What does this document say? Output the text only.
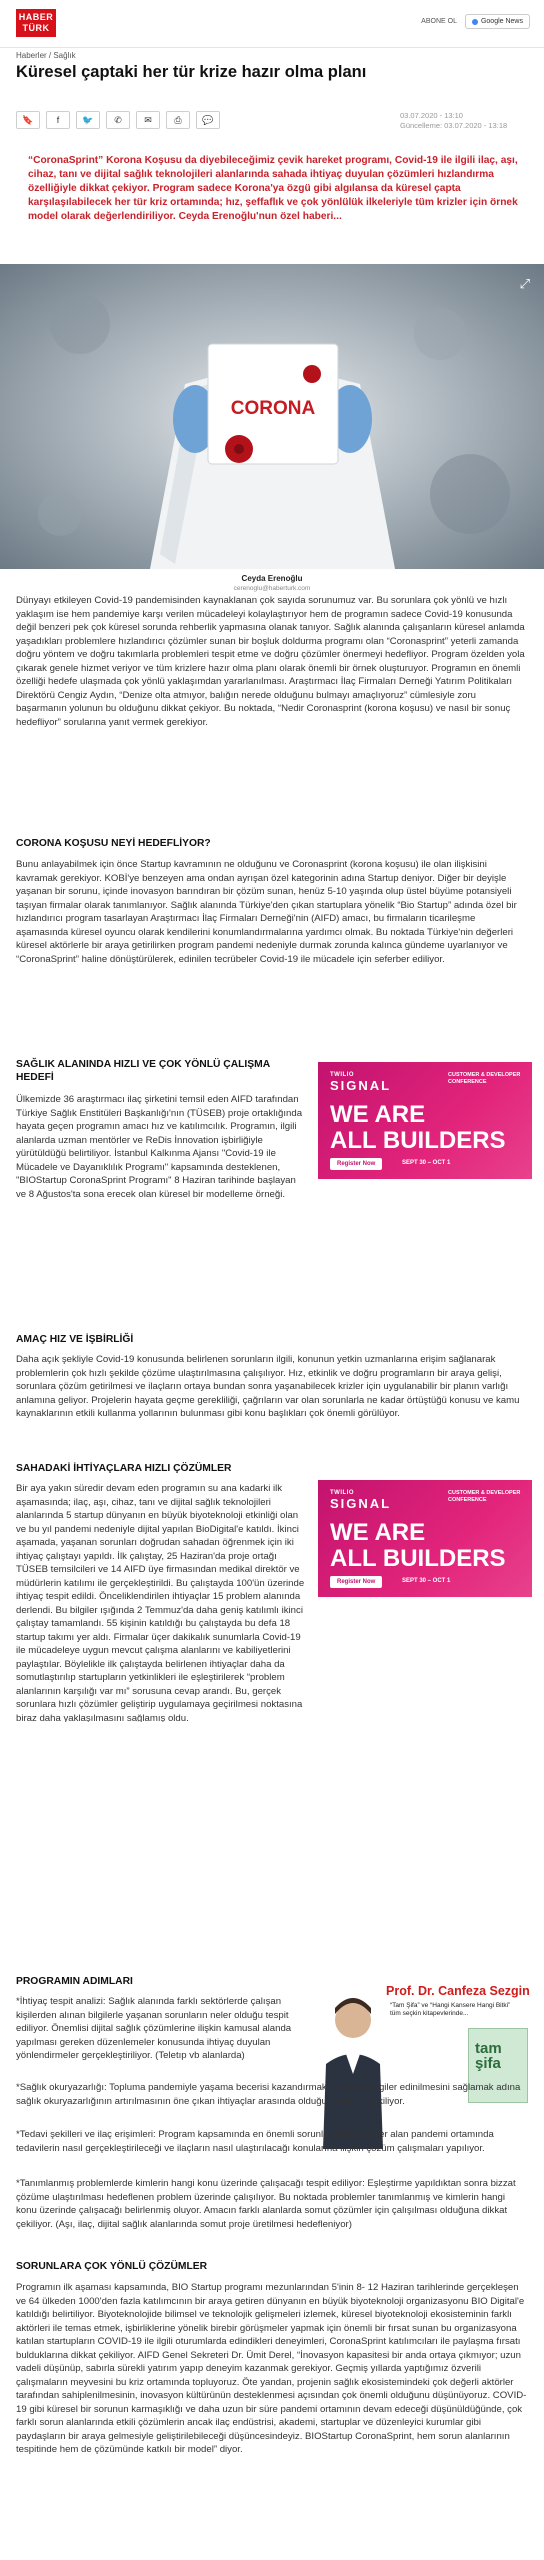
HABER
TÜRK
ABONE OL	Google News
Haberler / Sağlık
Küresel çaptaki her tür krize hazır olma planı
🔖	f	🐦	✆	✉	⎙	💬	03.07.2020 - 13:10
Güncelleme: 03.07.2020 - 13:18

“CoronaSprint” Korona Koşusu da diyebileceğimiz çevik hareket programı, Covid-19 ile ilgili ilaç, aşı, cihaz, tanı ve dijital sağlık teknolojileri alanlarında sahada ihtiyaç duyulan çözümleri hızlandırma özelliğiyle dikkat çekiyor. Program sadece Korona'ya özgü gibi algılansa da küresel çapta karşılaşılabilecek her tür kriz ortamında; hız, şeffaflık ve çok yönlülük ilkeleriyle tüm krizler için örnek model olarak değerlendiriliyor. Ceyda Erenoğlu'nun özel haberi...

CORONA
⤢
Ceyda Erenoğlu
cerenoglu@haberturk.com

Dünyayı etkileyen Covid-19 pandemisinden kaynaklanan çok sayıda sorunumuz var. Bu sorunlara çok yönlü ve hızlı yaklaşım ise hem pandemiye karşı verilen mücadeleyi kolaylaştırıyor hem de programın sadece Covid-19 konusunda değil benzeri pek çok küresel sorunda rehberlik yapmasına olanak tanıyor. Sağlık alanında çalışanların küresel anlamda yaşadıkları problemlere hızlandırıcı çözümler sunan bir boşluk doldurma programı olan “Coronasprint” yeterli zamanda doğru yöntem ve doğru takımlarla problemleri tespit etme ve doğru çözümler önermeyi hedefliyor. Program özelden yola çıkarak genele hizmet veriyor ve tüm krizlere hazır olma planı olarak önemli bir örnek oluşturuyor. Programın en önemli özelliği hedefe ulaşmada çok yönlü yaklaşımdan yararlanılması. Araştırmacı İlaç Firmaları Derneği Yatırım Politikaları Direktörü Cengiz Aydın, “Denize olta atmıyor, balığın nerede olduğunu bulmayı amaçlıyoruz” cümlesiyle zoru başarmanın yolunun bu olduğunu dikkat çekiyor. Bu noktada, “Nedir Coronasprint (korona koşusu) ve nasıl bir sonuç hedefliyor” sorularına yanıt vermek gerekiyor.

CORONA KOŞUSU NEYİ HEDEFLİYOR?

Bunu anlayabilmek için önce Startup kavramının ne olduğunu ve Coronasprint (korona koşusu) ile olan ilişkisini kavramak gerekiyor. KOBİ'ye benzeyen ama ondan ayrışan özel kategorinin adına Startup deniyor. Diğer bir deyişle yaşanan bir sorunu, içinde inovasyon barındıran bir çözüm sunan, henüz 5-10 yaşında olup üstel büyüme potansiyeli taşıyan firmalar olarak tanımlanıyor. Sağlık alanında Türkiye'den çıkan startuplara yönelik “Bio Startup” adında özel bir hızlandırıcı program tasarlayan Araştırmacı İlaç Firmaları Derneği'nin (AIFD) amacı, bu firmaların ticarileşme aşamasında küresel oyuncu olarak kendilerini konumlandırmalarına yardımcı olmak. Bu noktada Türkiye'nin değerleri küresel aktörlerle bir araya getirilirken program pandemi nedeniyle durmak zorunda kalınca gündeme uyarlanıyor ve “CoronaSprint” haline dönüştürülerek, edinilen tecrübeler Covid-19 ile mücadele için seferber ediliyor.

SAĞLIK ALANINDA HIZLI VE ÇOK YÖNLÜ ÇALIŞMA HEDEFİ

Ülkemizde 36 araştırmacı ilaç şirketini temsil eden AIFD tarafından Türkiye Sağlık Enstitüleri Başkanlığı'nın (TÜSEB) proje ortaklığında hayata geçen programın amacı hız ve katılımcılık. Programın, ilgili alanlarda uzman mentörler ve ReDis İnnovation işbirliğiyle yürütüldüğü belirtiliyor. İstanbul Kalkınma Ajansı "Covid-19 ile Mücadele ve Dayanıklılık Programı" kapsamında desteklenen, "BIOStartup CoronaSprint Programı" 8 Haziran tarihinde başlayan ve 8 Ağustos'ta sona erecek olan küresel bir modelleme örneği.

TWILIO
SIGNAL
CUSTOMER & DEVELOPER CONFERENCE
WE ARE
ALL BUILDERS
Register Now	SEPT 30 – OCT 1
AMAÇ HIZ VE İŞBİRLİĞİ

Daha açık şekliyle Covid-19 konusunda belirlenen sorunların ilgili, konunun yetkin uzmanlarına erişim sağlanarak problemlerin çok hızlı şekilde çözüme ulaştırılmasına çalışılıyor. Hız, etkinlik ve doğru programların bir araya gelişi, sorunlara çözüm getirilmesi ve ilaçların ortaya bundan sonra yaşanabilecek krizler için uygulanabilir bir planın varlığı anlamına geliyor. Projelerin hayata geçme gerekliliği, çağrıların var olan sorunlarla ne kadar örtüştüğü konusu ve kamu kaynaklarının etkili kullanma yollarının bulunması gibi konu başlıkları çok önemli görülüyor.

SAHADAKİ İHTİYAÇLARA HIZLI ÇÖZÜMLER

Bir aya yakın süredir devam eden programın su ana kadarki ilk aşamasında; ilaç, aşı, cihaz, tanı ve dijital sağlık teknolojileri alanlarında 5 startup dünyanın en büyük biyoteknoloji etkinliği olan ve bu yıl pandemi nedeniyle dijital yapılan BioDigital'e katıldı. İkinci aşamada, yaşanan sorunları doğrudan sahadan öğrenmek için iki ihtiyaç çalıştayı yapıldı. İlk çalıştay, 25 Haziran'da proje ortağı TÜSEB temsilcileri ve 14 AIFD üye firmasından medikal direktör ve müdürlerin katılımı ile gerçekleştirildi. Bu çalıştayda 100'ün üzerinde ihtiyaç tespit edildi. Önceliklendirilen ihtiyaçlar 15 problem alanında derlendi. Bu bilgiler ışığında 2 Temmuz'da daha geniş katılımlı ikinci çalıştay tamamlandı. 55 kişinin katıldığı bu çalıştayda bu defa 18 startup takımı yer aldı. Firmalar üçer dakikalık sunumlarla Covid-19 ile mücadeleye uygun mevcut çalışma alanlarını ve kabiliyetlerini paylaştılar. Böylelikle ilk çalıştayda belirlenen ihtiyaçlar daha da somutlaştırılıp startupların yetkinlikleri ile eşleştirilerek “problem alanlarının karşılığı var mı” sorusuna cevap arandı. Bu, gerçek sorunlara hızlı çözümler geliştirip uygulamaya geçirilmesi noktasına biraz daha yaklaşılmasını sağlamış oldu.

TWILIO
SIGNAL
CUSTOMER & DEVELOPER CONFERENCE
WE ARE
ALL BUILDERS
Register Now	SEPT 30 – OCT 1
PROGRAMIN ADIMLARI

*İhtiyaç tespit analizi: Sağlık alanında farklı sektörlerde çalışan kişilerden alınan bilgilerle yaşanan sorunların neler olduğu tespit ediliyor. Önemlisi dijital sağlık çözümlerine ilişkin kamusal alanda yapılması gereken düzenlemeler konusunda ihtiyaç duyulan yönlendirmeler gerçekleştiriliyor. (Teletıp vb alanlarda)

Prof. Dr. Canfeza Sezgin
“Tam Şifa” ve “Hangi Kansere Hangi Bitki” tüm seçkin kitapevlerinde...
tam
şifa

*Sağlık okuryazarlığı: Topluma pandemiyle yaşama becerisi kazandırmak ve doğru bilgiler edinilmesini sağlamak adına sağlık okuryazarlığının artırılmasının öne çıkan ihtiyaçlar arasında olduğuna dikkat çekiliyor.

*Tedavi şekilleri ve ilaç erişimleri: Program kapsamında en önemli sorunlar arasında yer alan pandemi ortamında tedavilerin nasıl gerçekleştirileceği ve ilaçların nasıl ulaştırılacağı konularına ilişkin çözüm çalışmaları yapılıyor.

*Tanımlanmış problemlerde kimlerin hangi konu üzerinde çalışacağı tespit ediliyor: Eşleştirme yapıldıktan sonra bizzat çözüme ulaştırılması hedeflenen problem üzerinde çalışılıyor. Bu noktada problemler tanımlanmış ve kimlerin hangi konu üzerinde çalışacağı belirlenmiş oluyor. Amacın farklı alanlarda somut çözümler için çalışılması olduğuna dikkat çekiliyor. (Aşı, ilaç, dijital sağlık alanlarında somut proje üretilmesi hedefleniyor)

SORUNLARA ÇOK YÖNLÜ ÇÖZÜMLER

Programın ilk aşaması kapsamında, BIO Startup programı mezunlarından 5'inin 8- 12 Haziran tarihlerinde gerçekleşen ve 64 ülkeden 1000'den fazla katılımcının bir araya getiren dünyanın en büyük biyoteknoloji organizasyonu BIO Digital'e katıldığı belirtiliyor. Biyoteknolojide bilimsel ve teknolojik gelişmeleri izlemek, küresel biyoteknoloji ekosisteminin farklı aktörleri ile temas etmek, işbirliklerine yönelik birebir görüşmeler yapmak için önemli bir fırsat sunan bu organizasyona katılan startupların COVID-19 ile ilgili oturumlarda edindikleri deneyimleri, CoronaSprint katılımcıları ile paylaşma fırsatı bulduklarına dikkat çekiliyor. AIFD Genel Sekreteri Dr. Ümit Derel, “İnovasyon kapasitesi bir anda ortaya çıkmıyor; uzun vadeli düşünüp, sabırla sürekli yatırım yapıp deneyim kazanmak gerekiyor. Geçmiş yıllarda yaptığımız özverili çalışmaların meyvesini bu kriz ortamında topluyoruz. Öte yandan, projenin sağlık ekosistemindeki çok değerli aktörler tarafından sahiplenilmesinin, inovasyon kültürünün desteklenmesi açısından çok önemli olduğunu düşünüyoruz. COVID-19 gibi küresel bir sorunun karmaşıklığı ve daha uzun bir süre pandemi ortamının devam edeceği düşünüldüğünde, çok farklı sorun alanlarında etkili çözümlerin ancak ilaç endüstrisi, akademi, startuplar ve düzenleyici kurumlar gibi paydaşların bir araya gelmesiyle geliştirilebileceği düşüncesindeyiz. BIOStartup CoronaSprint, hem sorun alanlarının tespitinde hem de çözümünde katkılı bir model” diyor.
